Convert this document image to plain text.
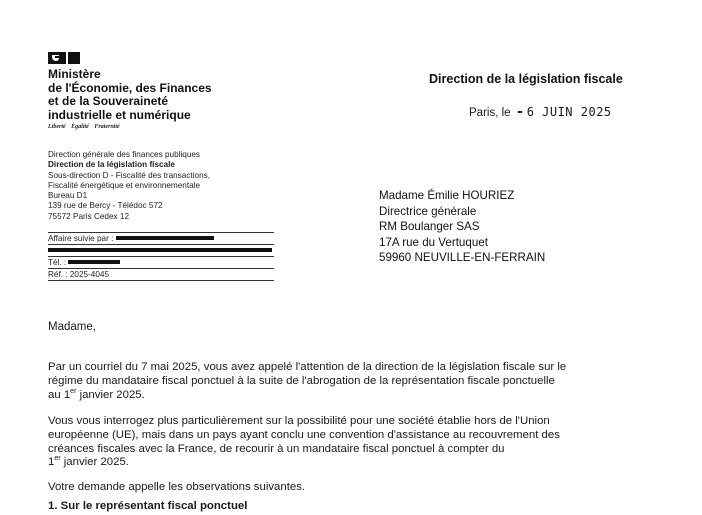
Ministère
de l'Économie, des Finances
et de la Souveraineté
industrielle et numérique
Liberté Égalité Fraternité
Direction de la législation fiscale
Paris, le - 6 JUIN 2025
Direction générale des finances publiques
Direction de la législation fiscale
Sous-direction D - Fiscalité des transactions,
Fiscalité énergétique et environnementale
Bureau D1
139 rue de Bercy - Télédoc 572
75572 Paris Cedex 12
Affaire suivie par :
Tél. :
Réf. : 2025-4045
Madame Émilie HOURIEZ
Directrice générale
RM Boulanger SAS
17A rue du Vertuquet
59960 NEUVILLE-EN-FERRAIN
Madame,
Par un courriel du 7 mai 2025, vous avez appelé l'attention de la direction de la législation fiscale sur le
régime du mandataire fiscal ponctuel à la suite de l'abrogation de la représentation fiscale ponctuelle
au 1er janvier 2025.
Vous vous interrogez plus particulièrement sur la possibilité pour une société établie hors de l'Union
européenne (UE), mais dans un pays ayant conclu une convention d'assistance au recouvrement des
créances fiscales avec la France, de recourir à un mandataire fiscal ponctuel à compter du
1er janvier 2025.
Votre demande appelle les observations suivantes.
1. Sur le représentant fiscal ponctuel
